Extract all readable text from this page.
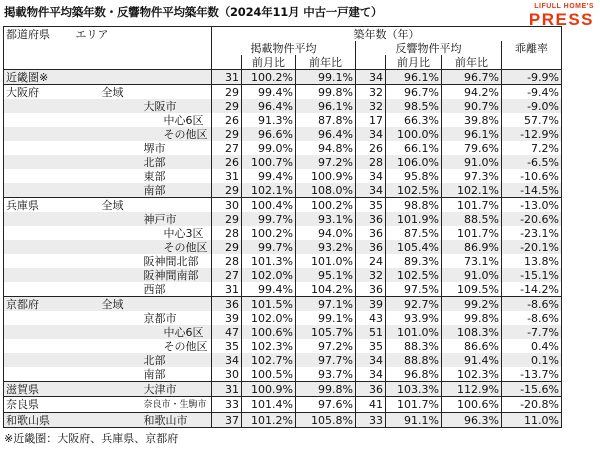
掲載物件平均築年数・反響物件平均築年数（2024年11月 中古一戸建て）	LIFULL HOME'S
PRESS
都道府県	エリア	築年数（年）						
		掲載物件平均			反響物件平均			乖離率
			前月比	前年比		前月比	前年比	
近畿圏※		31	100.2%	99.1%	34	96.1%	96.7%	-9.9%
大阪府	全域	29	99.4%	99.8%	32	96.7%	94.2%	-9.4%
	大阪市	29	96.4%	96.1%	32	98.5%	90.7%	-9.0%
	中心6区	26	91.3%	87.8%	17	66.3%	39.8%	57.7%
	その他区	29	96.6%	96.4%	34	100.0%	96.1%	-12.9%
	堺市	27	99.0%	94.8%	26	66.1%	79.6%	7.2%
	北部	26	100.7%	97.2%	28	106.0%	91.0%	-6.5%
	東部	31	99.4%	100.9%	34	95.8%	97.3%	-10.6%
	南部	29	102.1%	108.0%	34	102.5%	102.1%	-14.5%
兵庫県	全域	30	100.4%	100.2%	35	98.8%	101.7%	-13.0%
	神戸市	29	99.7%	93.1%	36	101.9%	88.5%	-20.6%
	中心3区	28	100.2%	94.0%	36	87.5%	101.7%	-23.1%
	その他区	29	99.7%	93.2%	36	105.4%	86.9%	-20.1%
	阪神間北部	28	101.3%	101.0%	24	89.3%	73.1%	13.8%
	阪神間南部	27	102.0%	95.1%	32	102.5%	91.0%	-15.1%
	西部	31	99.4%	104.2%	36	97.5%	109.5%	-14.2%
京都府	全域	36	101.5%	97.1%	39	92.7%	99.2%	-8.6%
	京都市	39	102.0%	99.1%	43	93.9%	99.8%	-8.6%
	中心6区	47	100.6%	105.7%	51	101.0%	108.3%	-7.7%
	その他区	35	102.3%	97.2%	35	88.3%	86.6%	0.4%
	北部	34	102.7%	97.7%	34	88.8%	91.4%	0.1%
	南部	30	100.5%	93.7%	34	96.8%	102.3%	-13.7%
滋賀県	大津市	31	100.9%	99.8%	36	103.3%	112.9%	-15.6%
奈良県	奈良市・生駒市	33	101.4%	97.6%	41	101.7%	100.6%	-20.8%
和歌山県	和歌山市	37	101.2%	105.8%	33	91.1%	96.3%	11.0%
※近畿圏：大阪府、兵庫県、京都府
